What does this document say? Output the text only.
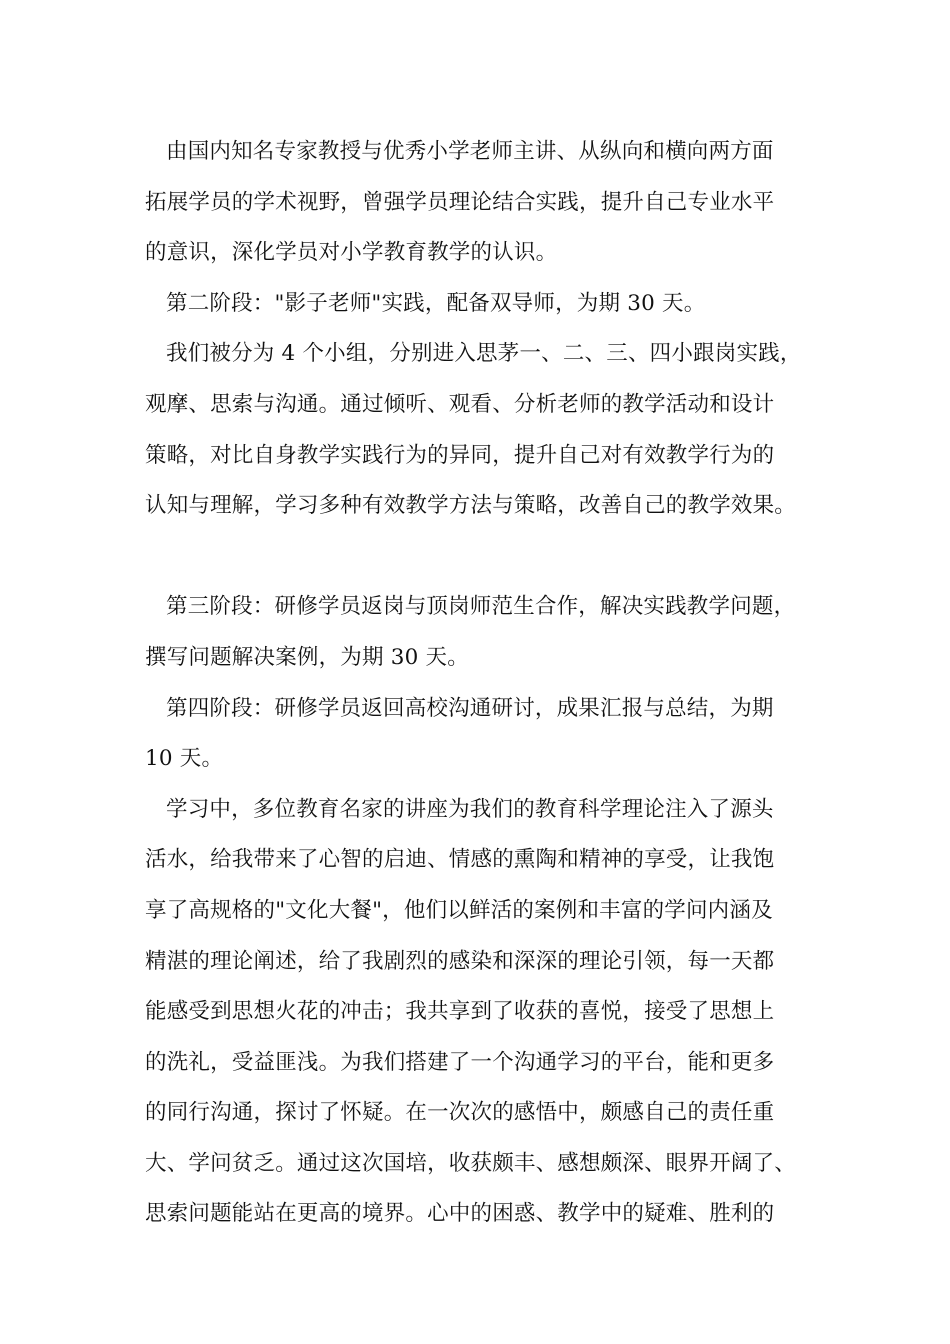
由国内知名专家教授与优秀小学老师主讲、从纵向和横向两方面
拓展学员的学术视野，曾强学员理论结合实践，提升自己专业水平
的意识，深化学员对小学教育教学的认识。
第二阶段："影子老师"实践，配备双导师，为期 30 天。
我们被分为 4 个小组，分别进入思茅一、二、三、四小跟岗实践，
观摩、思索与沟通。通过倾听、观看、分析老师的教学活动和设计
策略，对比自身教学实践行为的异同，提升自己对有效教学行为的
认知与理解，学习多种有效教学方法与策略，改善自己的教学效果。
第三阶段：研修学员返岗与顶岗师范生合作，解决实践教学问题，
撰写问题解决案例，为期 30 天。
第四阶段：研修学员返回高校沟通研讨，成果汇报与总结，为期
10 天。
学习中，多位教育名家的讲座为我们的教育科学理论注入了源头
活水，给我带来了心智的启迪、情感的熏陶和精神的享受，让我饱
享了高规格的"文化大餐"，他们以鲜活的案例和丰富的学问内涵及
精湛的理论阐述，给了我剧烈的感染和深深的理论引领，每一天都
能感受到思想火花的冲击；我共享到了收获的喜悦，接受了思想上
的洗礼，受益匪浅。为我们搭建了一个沟通学习的平台，能和更多
的同行沟通，探讨了怀疑。在一次次的感悟中，颇感自己的责任重
大、学问贫乏。通过这次国培，收获颇丰、感想颇深、眼界开阔了、
思索问题能站在更高的境界。心中的困惑、教学中的疑难、胜利的
